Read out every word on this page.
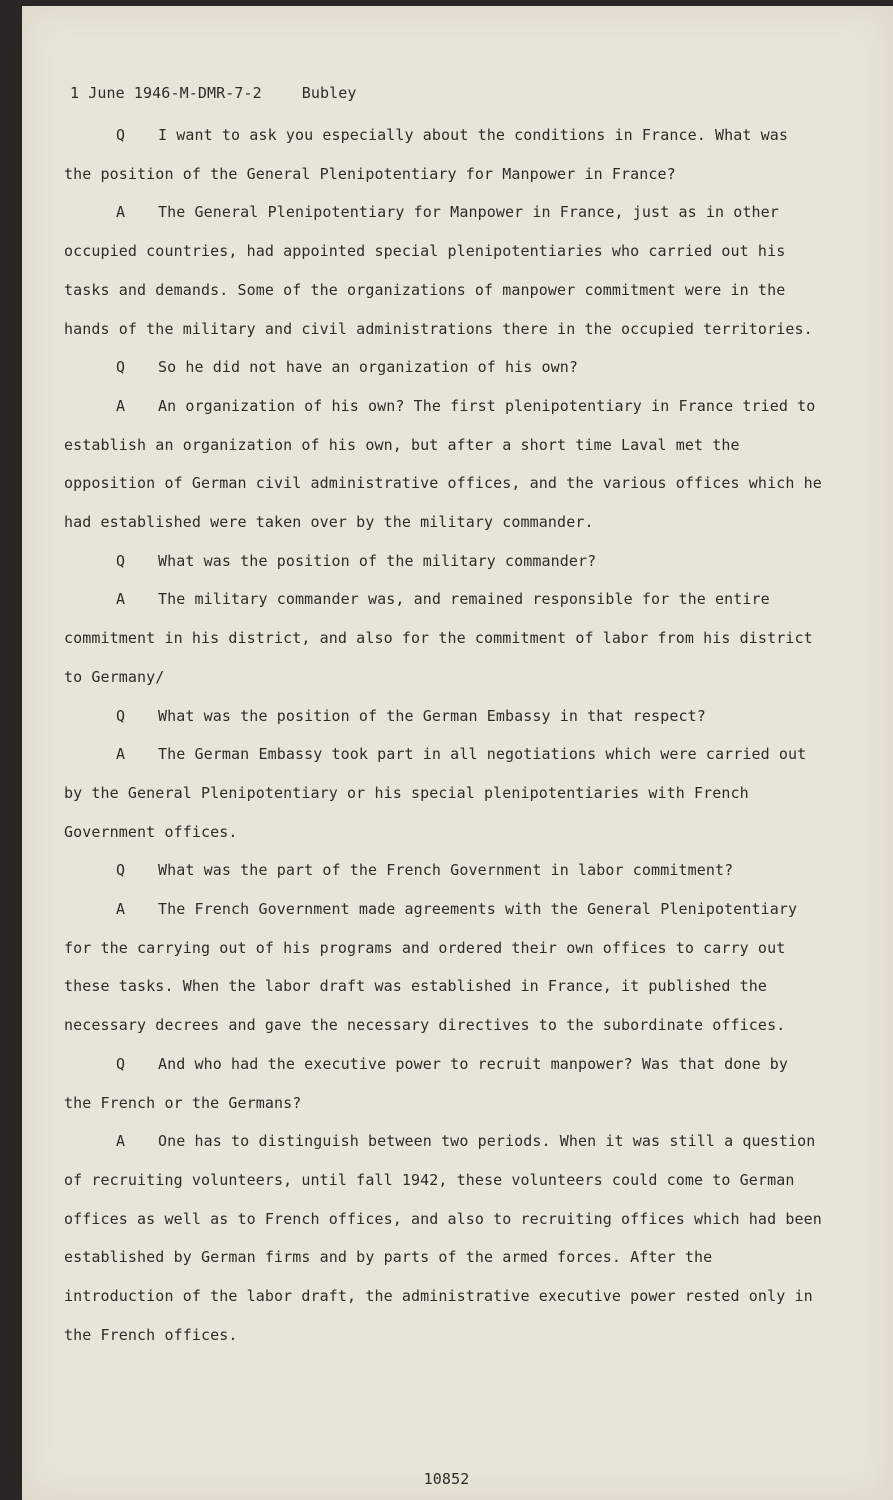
1 June 1946-M-DMR-7-2	Bubley

Q I want to ask you especially about the conditions in France. What was the position of the General Plenipotentiary for Manpower in France?

A The General Plenipotentiary for Manpower in France, just as in other occupied countries, had appointed special plenipotentiaries who carried out his tasks and demands. Some of the organizations of manpower commitment were in the hands of the military and civil administrations there in the occupied territories.

Q So he did not have an organization of his own?

A An organization of his own? The first plenipotentiary in France tried to establish an organization of his own, but after a short time Laval met the opposition of German civil administrative offices, and the various offices which he had established were taken over by the military commander.

Q What was the position of the military commander?

A The military commander was, and remained responsible for the entire commitment in his district, and also for the commitment of labor from his district to Germany/

Q What was the position of the German Embassy in that respect?

A The German Embassy took part in all negotiations which were carried out by the General Plenipotentiary or his special plenipotentiaries with French Government offices.

Q What was the part of the French Government in labor commitment?

A The French Government made agreements with the General Plenipotentiary for the carrying out of his programs and ordered their own offices to carry out these tasks. When the labor draft was established in France, it published the necessary decrees and gave the necessary directives to the subordinate offices.

Q And who had the executive power to recruit manpower? Was that done by the French or the Germans?

A One has to distinguish between two periods. When it was still a question of recruiting volunteers, until fall 1942, these volunteers could come to German offices as well as to French offices, and also to recruiting offices which had been established by German firms and by parts of the armed forces. After the introduction of the labor draft, the administrative executive power rested only in the French offices.

10852
